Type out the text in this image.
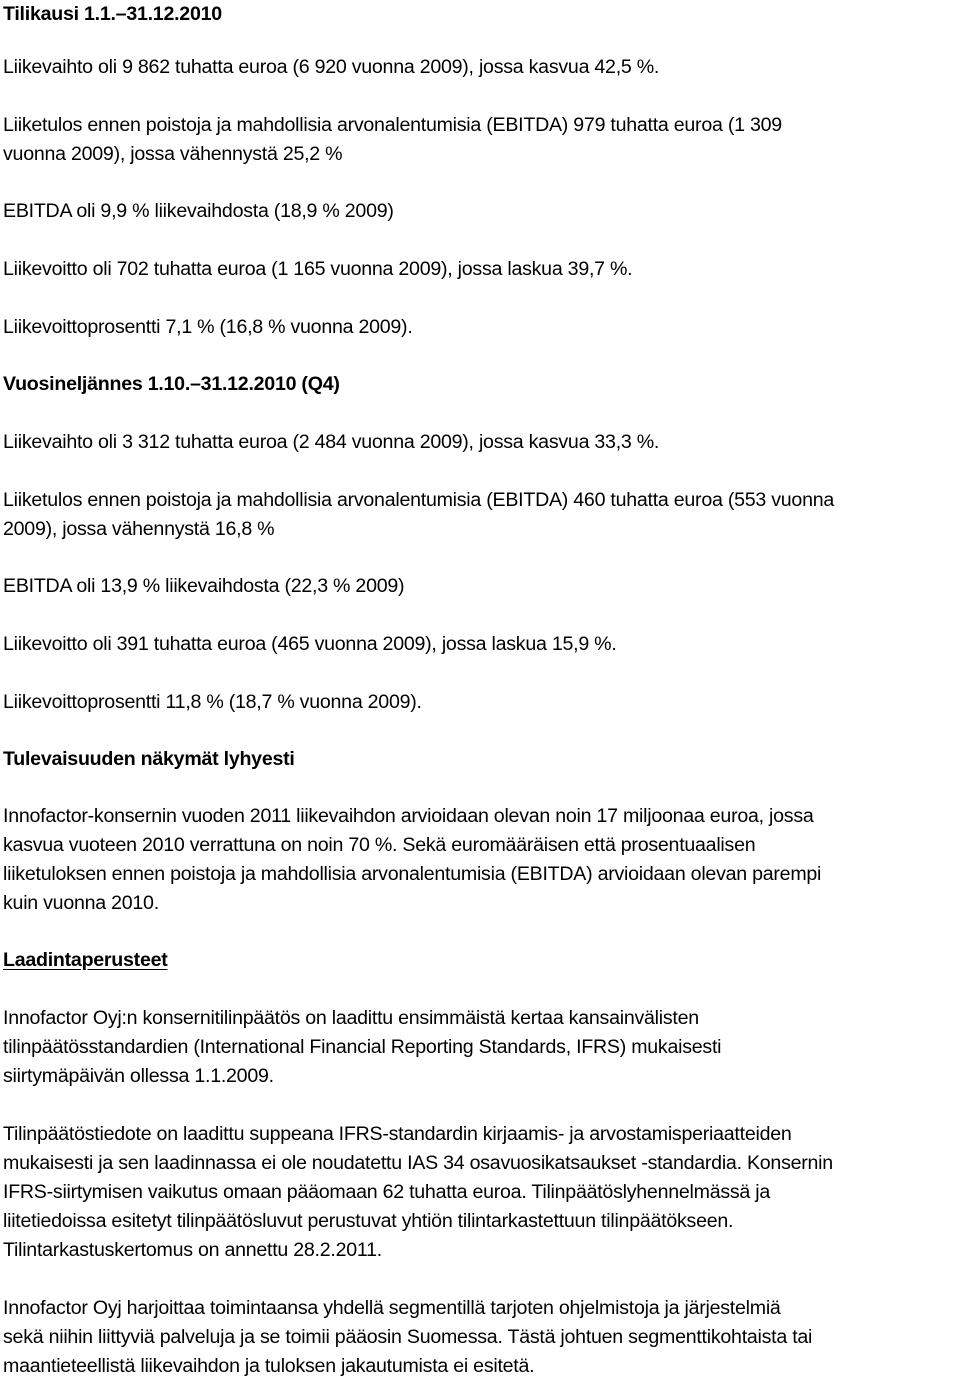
Tilikausi 1.1.–31.12.2010
Liikevaihto oli 9 862 tuhatta euroa (6 920 vuonna 2009), jossa kasvua 42,5 %.
Liiketulos ennen poistoja ja mahdollisia arvonalentumisia (EBITDA) 979 tuhatta euroa (1 309
vuonna 2009), jossa vähennystä 25,2 %
EBITDA oli 9,9 % liikevaihdosta (18,9 % 2009)
Liikevoitto oli 702 tuhatta euroa (1 165 vuonna 2009), jossa laskua 39,7 %.
Liikevoittoprosentti 7,1 % (16,8 % vuonna 2009).
Vuosineljännes 1.10.–31.12.2010 (Q4)
Liikevaihto oli 3 312 tuhatta euroa (2 484 vuonna 2009), jossa kasvua 33,3 %.
Liiketulos ennen poistoja ja mahdollisia arvonalentumisia (EBITDA) 460 tuhatta euroa (553 vuonna
2009), jossa vähennystä 16,8 %
EBITDA oli 13,9 % liikevaihdosta (22,3 % 2009)
Liikevoitto oli 391 tuhatta euroa (465 vuonna 2009), jossa laskua 15,9 %.
Liikevoittoprosentti 11,8 % (18,7 % vuonna 2009).
Tulevaisuuden näkymät lyhyesti
Innofactor-konsernin vuoden 2011 liikevaihdon arvioidaan olevan noin 17 miljoonaa euroa, jossa
kasvua vuoteen 2010 verrattuna on noin 70 %. Sekä euromääräisen että prosentuaalisen
liiketuloksen ennen poistoja ja mahdollisia arvonalentumisia (EBITDA) arvioidaan olevan parempi
kuin vuonna 2010.
Laadintaperusteet
Innofactor Oyj:n konsernitilinpäätös on laadittu ensimmäistä kertaa kansainvälisten
tilinpäätösstandardien (International Financial Reporting Standards, IFRS) mukaisesti
siirtymäpäivän ollessa 1.1.2009.
Tilinpäätöstiedote on laadittu suppeana IFRS-standardin kirjaamis- ja arvostamisperiaatteiden
mukaisesti ja sen laadinnassa ei ole noudatettu IAS 34 osavuosikatsaukset -standardia. Konsernin
IFRS-siirtymisen vaikutus omaan pääomaan 62 tuhatta euroa. Tilinpäätöslyhennelmässä ja
liitetiedoissa esitetyt tilinpäätösluvut perustuvat yhtiön tilintarkastettuun tilinpäätökseen.
Tilintarkastuskertomus on annettu 28.2.2011.
Innofactor Oyj harjoittaa toimintaansa yhdellä segmentillä tarjoten ohjelmistoja ja järjestelmiä
sekä niihin liittyviä palveluja ja se toimii pääosin Suomessa. Tästä johtuen segmenttikohtaista tai
maantieteellistä liikevaihdon ja tuloksen jakautumista ei esitetä.
